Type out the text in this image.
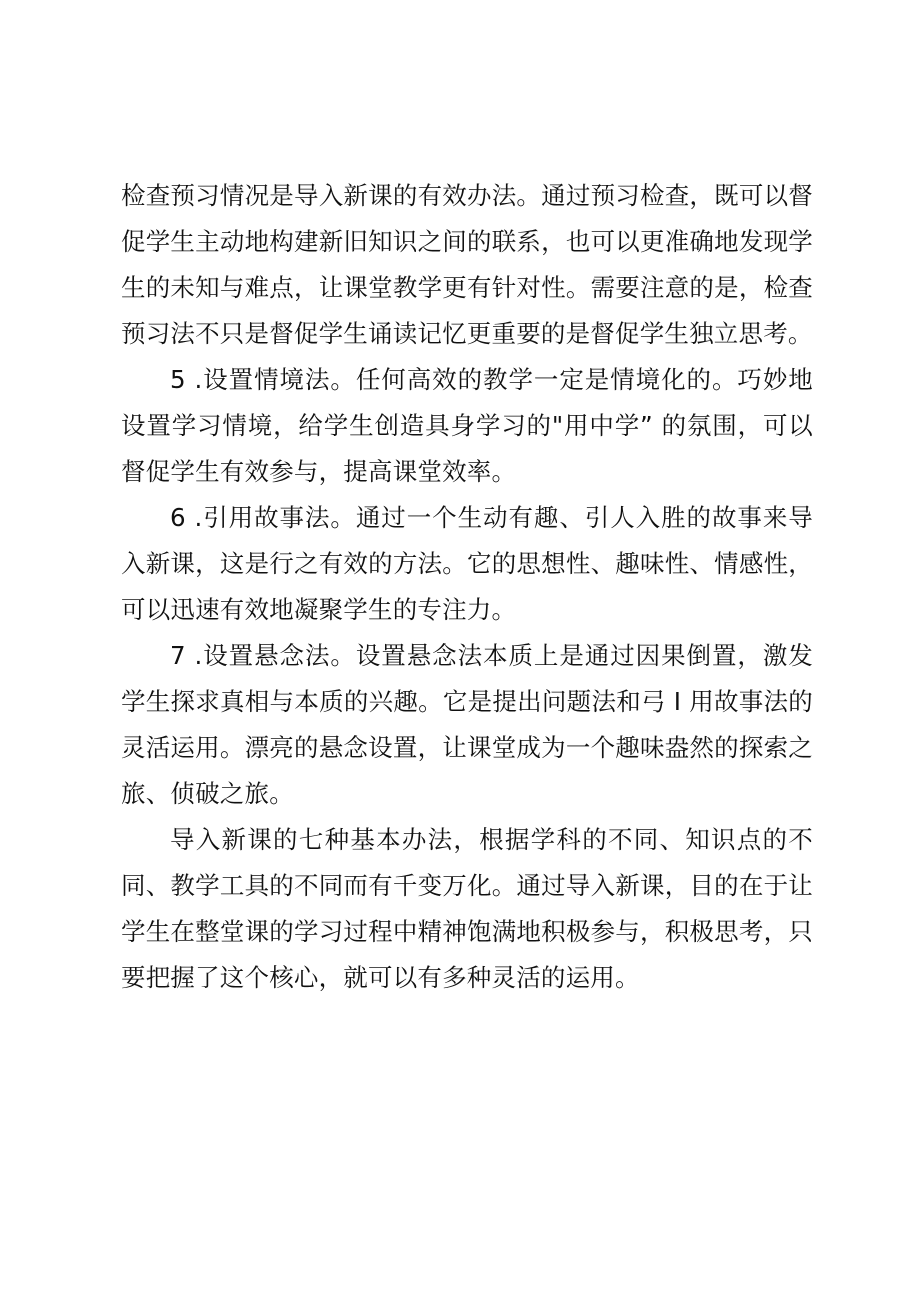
检查预习情况是导入新课的有效办法。通过预习检查，既可以督促学生主动地构建新旧知识之间的联系，也可以更准确地发现学生的未知与难点，让课堂教学更有针对性。需要注意的是，检查预习法不只是督促学生诵读记忆更重要的是督促学生独立思考。

5 .设置情境法。任何高效的教学一定是情境化的。巧妙地设置学习情境，给学生创造具身学习的"用中学” 的氛围，可以督促学生有效参与，提高课堂效率。

6 .引用故事法。通过一个生动有趣、引人入胜的故事来导入新课，这是行之有效的方法。它的思想性、趣味性、情感性，可以迅速有效地凝聚学生的专注力。

7 .设置悬念法。设置悬念法本质上是通过因果倒置，激发学生探求真相与本质的兴趣。它是提出问题法和弓 I 用故事法的灵活运用。漂亮的悬念设置，让课堂成为一个趣味盎然的探索之旅、侦破之旅。

导入新课的七种基本办法，根据学科的不同、知识点的不同、教学工具的不同而有千变万化。通过导入新课，目的在于让学生在整堂课的学习过程中精神饱满地积极参与，积极思考，只要把握了这个核心，就可以有多种灵活的运用。
